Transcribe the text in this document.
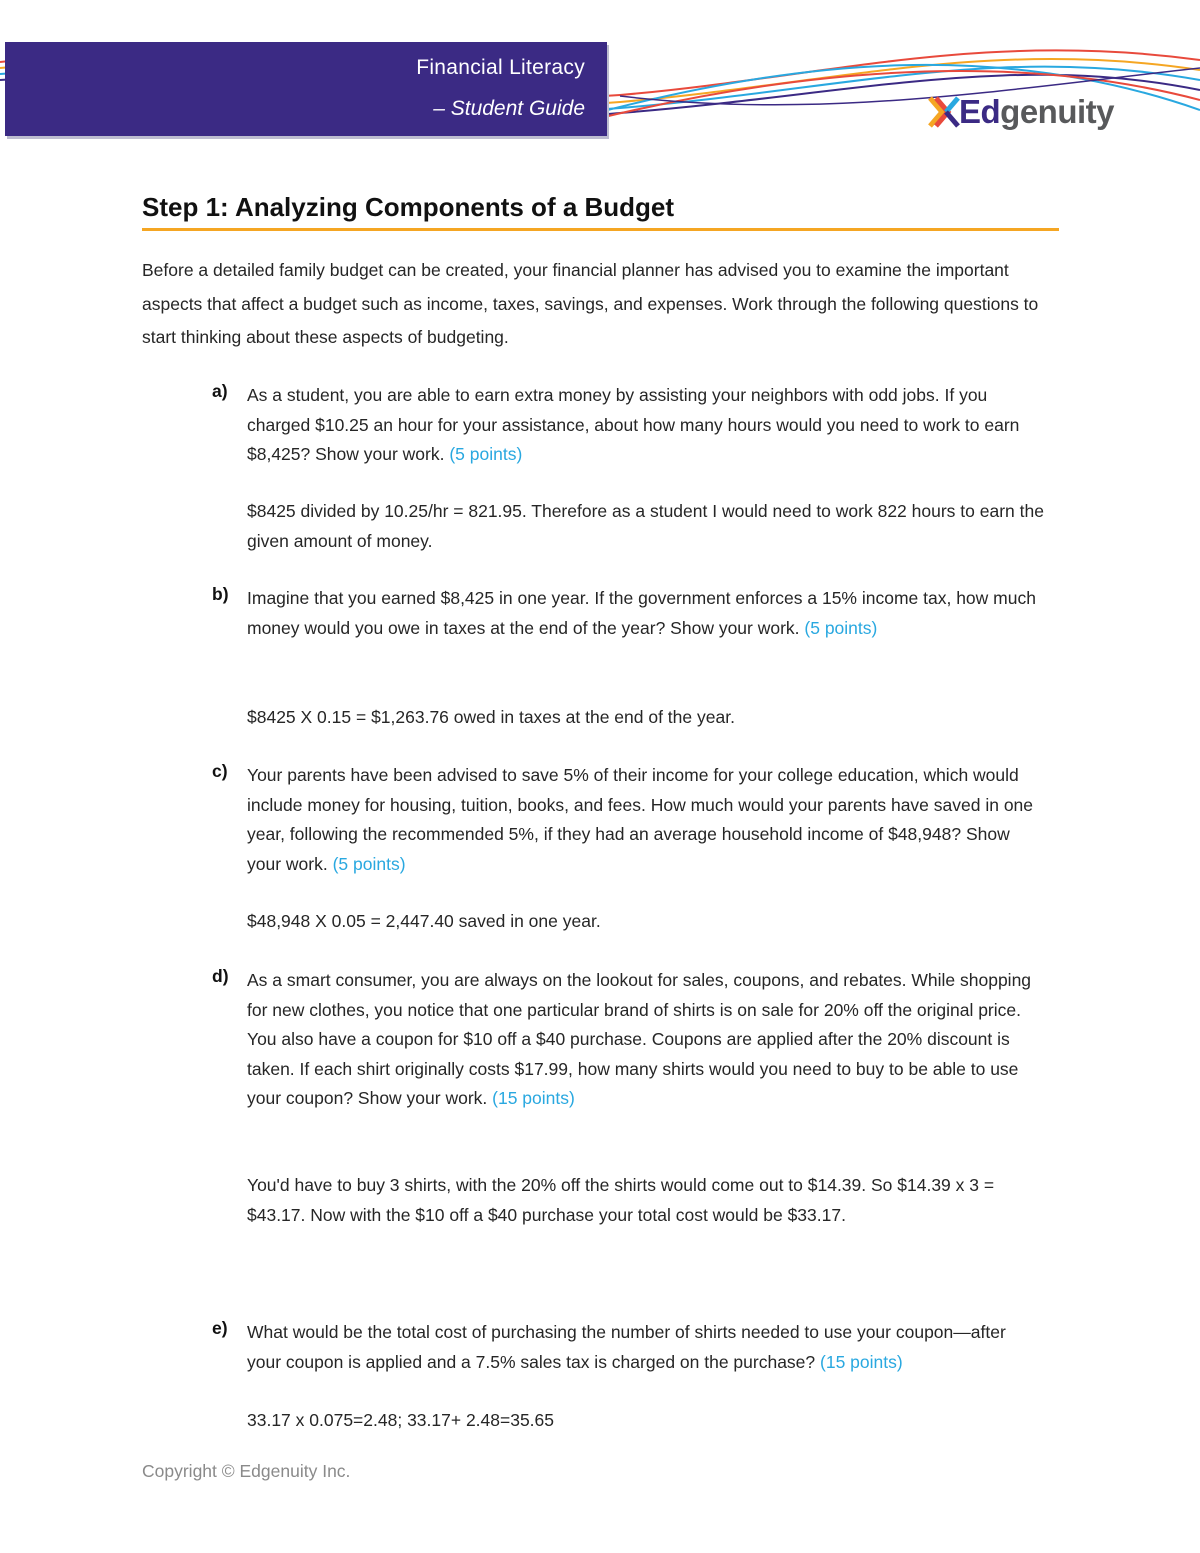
Financial Literacy
– Student Guide	Edgenuity
Step 1: Analyzing Components of a Budget

Before a detailed family budget can be created, your financial planner has advised you to examine the important aspects that affect a budget such as income, taxes, savings, and expenses. Work through the following questions to start thinking about these aspects of budgeting.

a) As a student, you are able to earn extra money by assisting your neighbors with odd jobs. If you charged $10.25 an hour for your assistance, about how many hours would you need to work to earn $8,425? Show your work. (5 points)

$8425 divided by 10.25/hr = 821.95. Therefore as a student I would need to work 822 hours to earn the given amount of money.

b) Imagine that you earned $8,425 in one year. If the government enforces a 15% income tax, how much money would you owe in taxes at the end of the year? Show your work. (5 points)

$8425 X 0.15 = $1,263.76 owed in taxes at the end of the year.

c) Your parents have been advised to save 5% of their income for your college education, which would include money for housing, tuition, books, and fees. How much would your parents have saved in one year, following the recommended 5%, if they had an average household income of $48,948? Show your work. (5 points)

$48,948 X 0.05 = 2,447.40 saved in one year.

d) As a smart consumer, you are always on the lookout for sales, coupons, and rebates. While shopping for new clothes, you notice that one particular brand of shirts is on sale for 20% off the original price. You also have a coupon for $10 off a $40 purchase. Coupons are applied after the 20% discount is taken. If each shirt originally costs $17.99, how many shirts would you need to buy to be able to use your coupon? Show your work. (15 points)

You'd have to buy 3 shirts, with the 20% off the shirts would come out to $14.39. So $14.39 x 3 = $43.17. Now with the $10 off a $40 purchase your total cost would be $33.17.

e) What would be the total cost of purchasing the number of shirts needed to use your coupon—after your coupon is applied and a 7.5% sales tax is charged on the purchase? (15 points)

33.17 x 0.075=2.48; 33.17+ 2.48=35.65

Copyright © Edgenuity Inc.
